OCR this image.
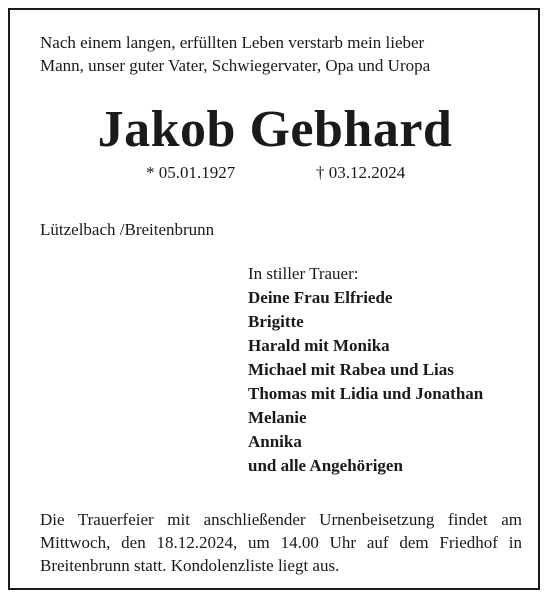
Nach einem langen, erfüllten Leben verstarb mein lieber
Mann, unser guter Vater, Schwiegervater, Opa und Uropa
Jakob Gebhard
* 05.01.1927	† 03.12.2024
Lützelbach /Breitenbrunn
In stiller Trauer:
Deine Frau Elfriede
Brigitte
Harald mit Monika
Michael mit Rabea und Lias
Thomas mit Lidia und Jonathan
Melanie
Annika
und alle Angehörigen
Die Trauerfeier mit anschließender Urnenbeisetzung findet am
Mittwoch, den 18.12.2024, um 14.00 Uhr auf dem Friedhof in
Breitenbrunn statt. Kondolenzliste liegt aus.
